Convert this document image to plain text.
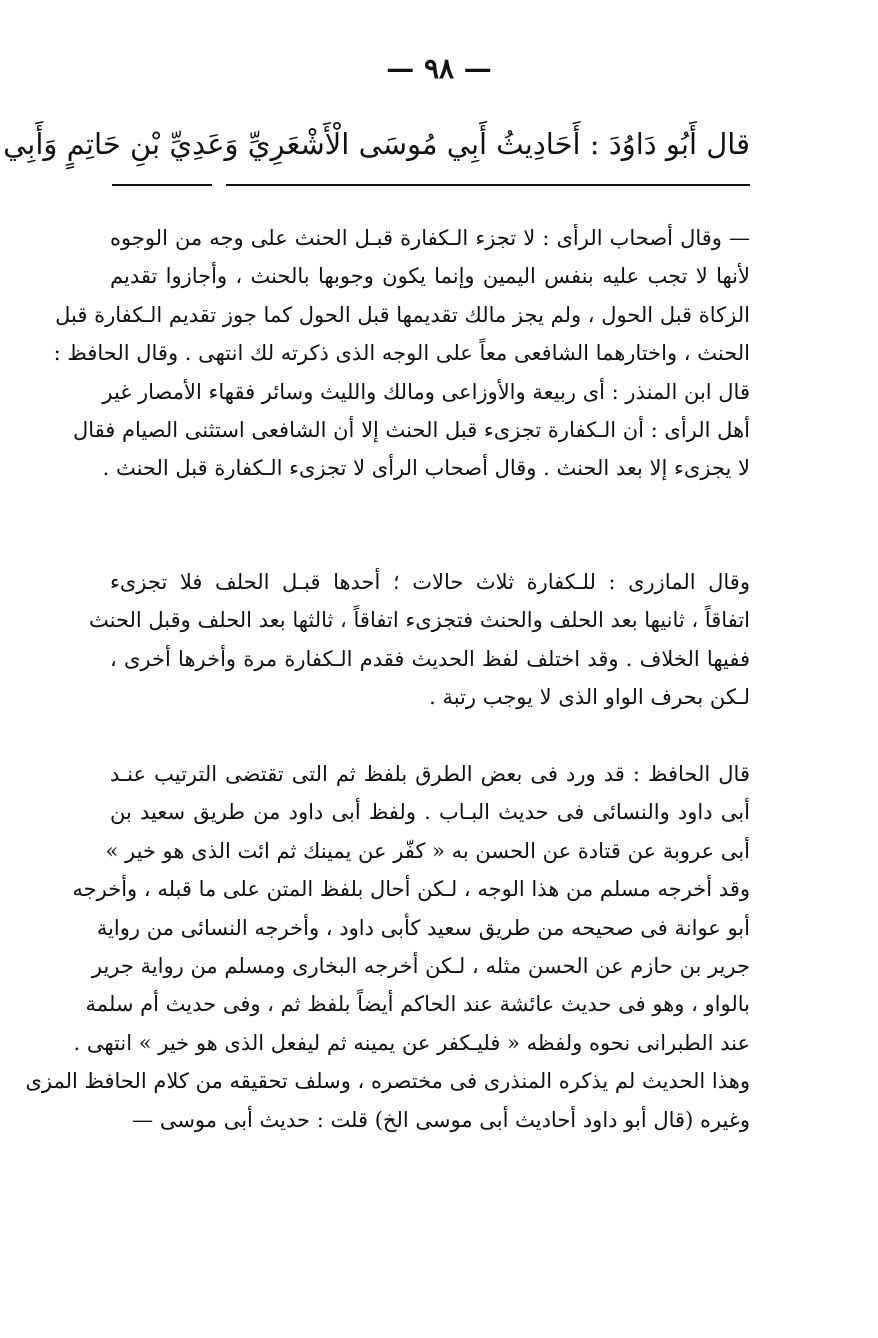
— ٩٨ —
قال أَبُو دَاوُدَ : أَحَادِيثُ أَبِي مُوسَى الْأَشْعَرِيِّ وَعَدِيِّ بْنِ حَاتِمٍ وَأَبِي
— وقال أصحاب الرأى : لا تجزء الـكفارة قبـل الحنث على وجه من الوجوه
لأنها لا تجب عليه بنفس اليمين وإنما يكون وجوبها بالحنث ، وأجازوا تقديم
الزكاة قبل الحول ، ولم يجز مالك تقديمها قبل الحول كما جوز تقديم الـكفارة قبل
الحنث ، واختارهما الشافعى معاً على الوجه الذى ذكرته لك انتهى . وقال الحافظ :
قال ابن المنذر : أى ربيعة والأوزاعى ومالك والليث وسائر فقهاء الأمصار غير
أهل الرأى : أن الـكفارة تجزىء قبل الحنث إلا أن الشافعى استثنى الصيام فقال
لا يجزىء إلا بعد الحنث . وقال أصحاب الرأى لا تجزىء الـكفارة قبل الحنث .
وقال المازرى : للـكفارة ثلاث حالات ؛ أحدها قبـل الحلف فلا تجزىء
اتفاقاً ، ثانيها بعد الحلف والحنث فتجزىء اتفاقاً ، ثالثها بعد الحلف وقبل الحنث
ففيها الخلاف . وقد اختلف لفظ الحديث فقدم الـكفارة مرة وأخرها أخرى ،
لـكن بحرف الواو الذى لا يوجب رتبة .
قال الحافظ : قد ورد فى بعض الطرق بلفظ ثم التى تقتضى الترتيب عنـد
أبى داود والنسائى فى حديث البـاب . ولفظ أبى داود من طريق سعيد بن
أبى عروبة عن قتادة عن الحسن به « كفّر عن يمينك ثم ائت الذى هو خير »
وقد أخرجه مسلم من هذا الوجه ، لـكن أحال بلفظ المتن على ما قبله ، وأخرجه
أبو عوانة فى صحيحه من طريق سعيد كأبى داود ، وأخرجه النسائى من رواية
جرير بن حازم عن الحسن مثله ، لـكن أخرجه البخارى ومسلم من رواية جرير
بالواو ، وهو فى حديث عائشة عند الحاكم أيضاً بلفظ ثم ، وفى حديث أم سلمة
عند الطبرانى نحوه ولفظه « فليـكفر عن يمينه ثم ليفعل الذى هو خير » انتهى .
وهذا الحديث لم يذكره المنذرى فى مختصره ، وسلف تحقيقه من كلام الحافظ المزى
وغيره (قال أبو داود أحاديث أبى موسى الخ) قلت : حديث أبى موسى —
